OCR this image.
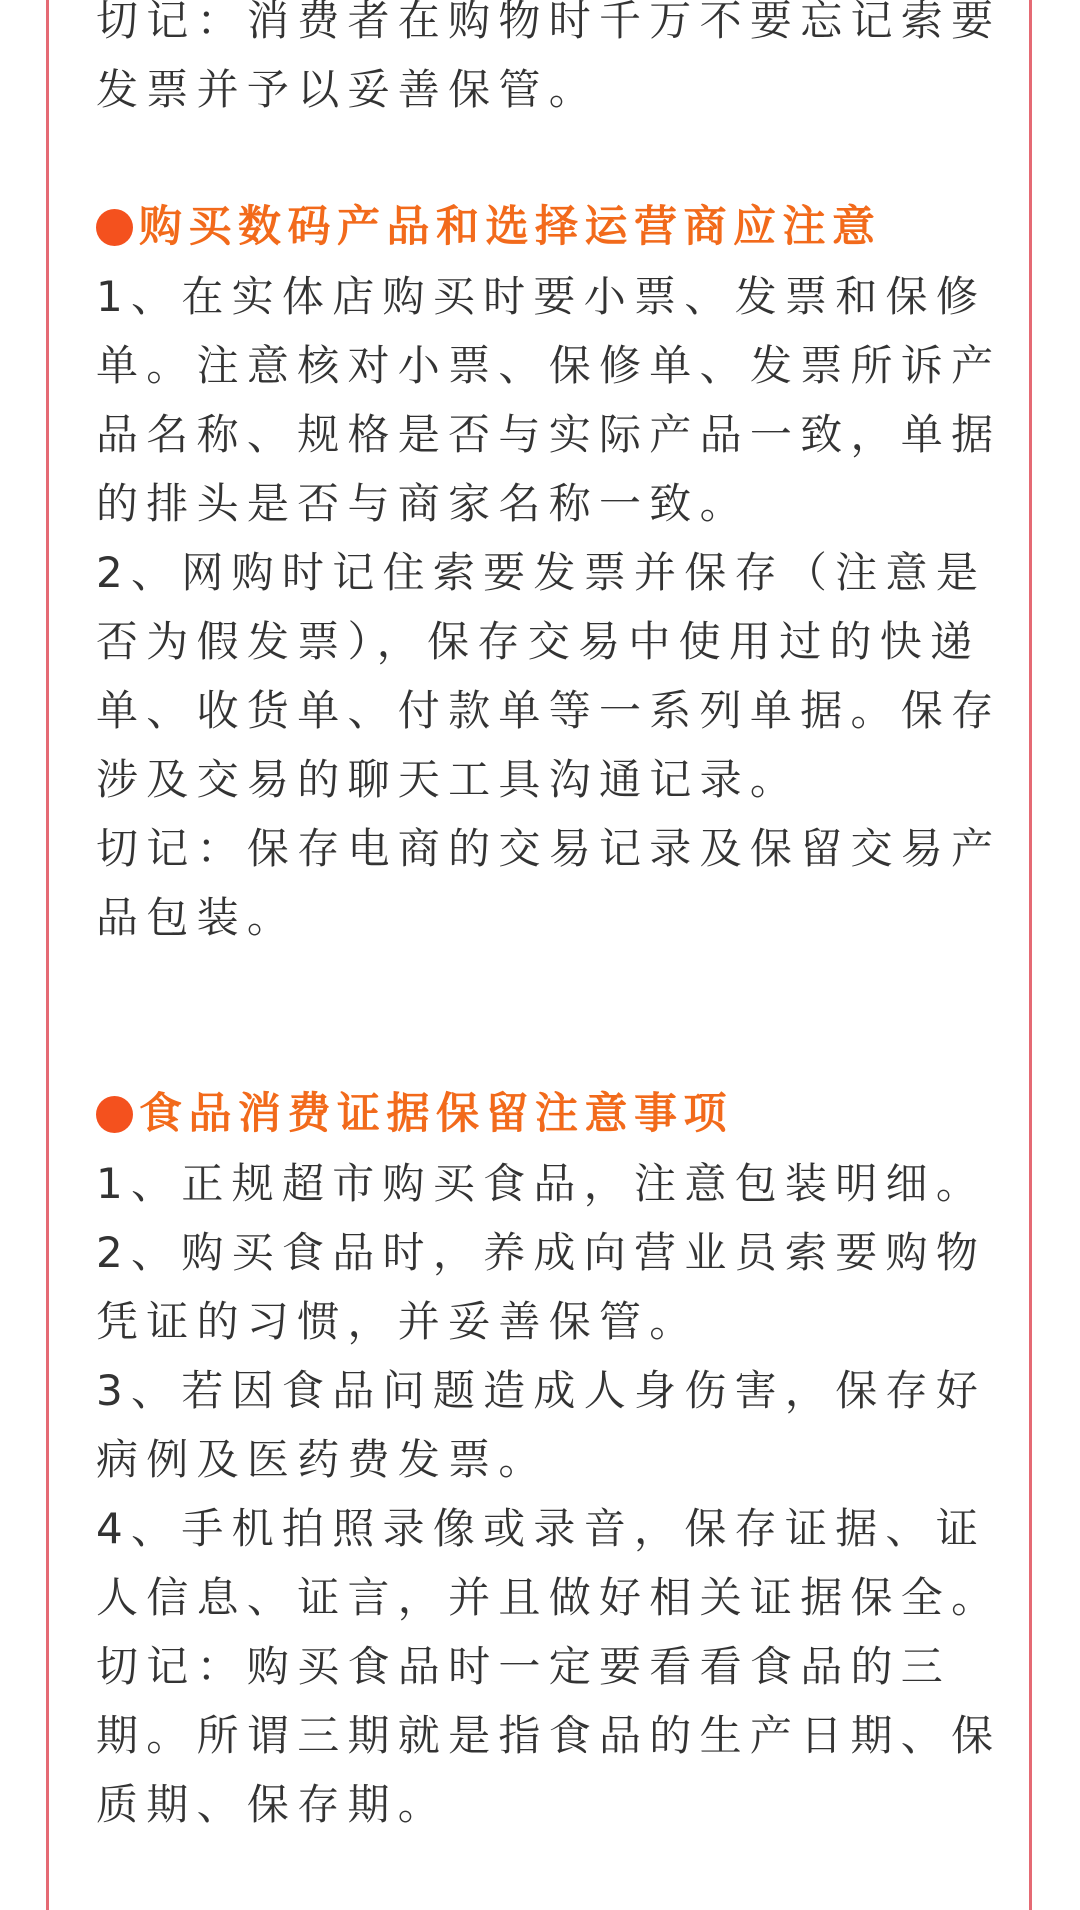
切记：消费者在购物时千万不要忘记索要
发票并予以妥善保管。
购买数码产品和选择运营商应注意
1、在实体店购买时要小票、发票和保修
单。注意核对小票、保修单、发票所诉产
品名称、规格是否与实际产品一致，单据
的排头是否与商家名称一致。
2、网购时记住索要发票并保存（注意是
否为假发票），保存交易中使用过的快递
单、收货单、付款单等一系列单据。保存
涉及交易的聊天工具沟通记录。
切记：保存电商的交易记录及保留交易产
品包装。
食品消费证据保留注意事项
1、正规超市购买食品，注意包装明细。
2、购买食品时，养成向营业员索要购物
凭证的习惯，并妥善保管。
3、若因食品问题造成人身伤害，保存好
病例及医药费发票。
4、手机拍照录像或录音，保存证据、证
人信息、证言，并且做好相关证据保全。
切记：购买食品时一定要看看食品的三
期。所谓三期就是指食品的生产日期、保
质期、保存期。
